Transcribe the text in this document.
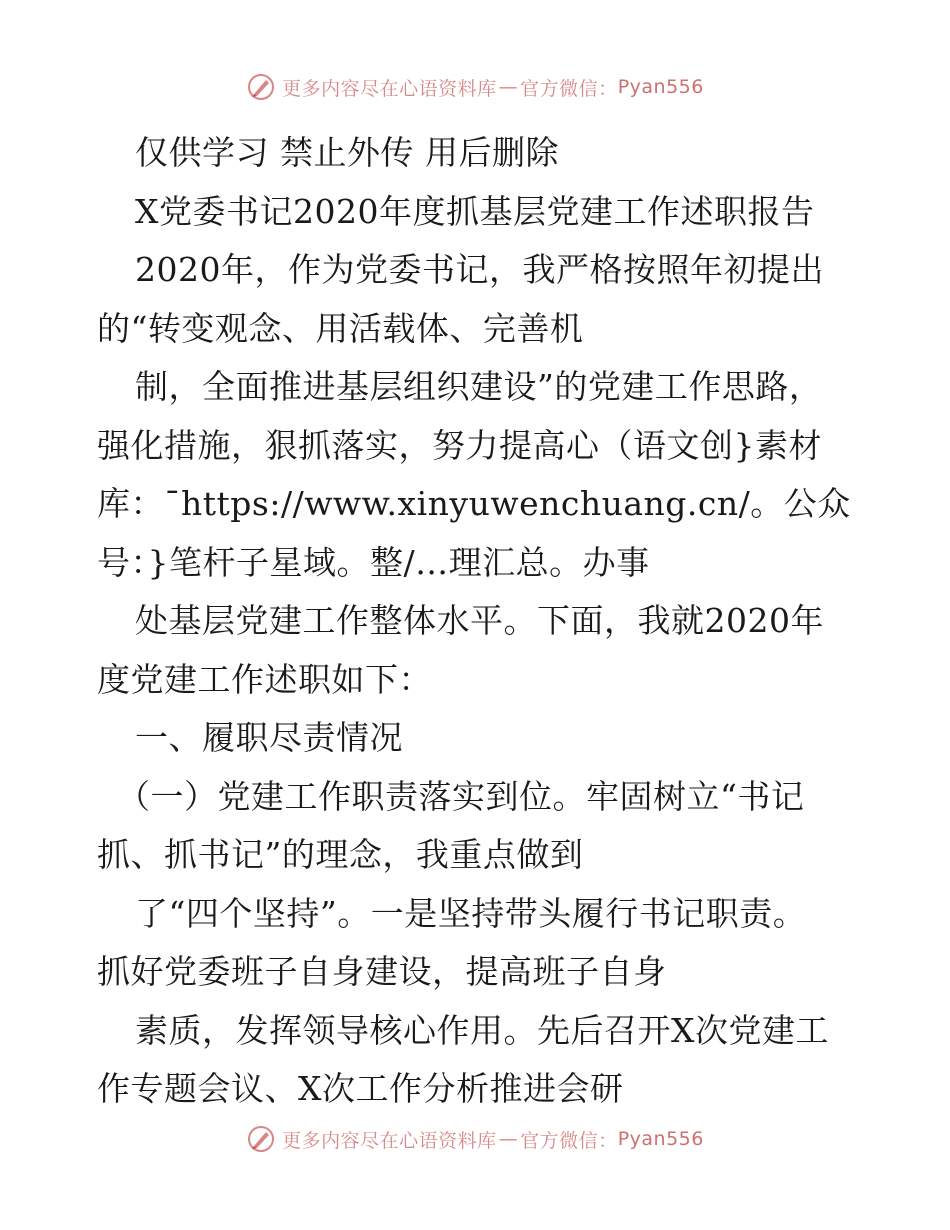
更多内容尽在心语资料库 — 官方微信 ： Pyan556
仅供学习 禁止外传 用后删除
X党委书记2020年度抓基层党建工作述职报告
2020年，作为党委书记，我严格按照年初提出
的“转变观念、用活载体、完善机
制，全面推进基层组织建设”的党建工作思路，
强化措施，狠抓落实，努力提高心（语文创}素材
库：¯https://www.xinyuwenchuang.cn/。公众
号：}笔杆子星域。整/…理汇总。办事
处基层党建工作整体水平。下面，我就2020年
度党建工作述职如下：
一、履职尽责情况
（一）党建工作职责落实到位。牢固树立“书记
抓、抓书记”的理念，我重点做到
了“四个坚持”。一是坚持带头履行书记职责。
抓好党委班子自身建设，提高班子自身
素质，发挥领导核心作用。先后召开X次党建工
作专题会议、X次工作分析推进会研
更多内容尽在心语资料库 — 官方微信 ： Pyan556
